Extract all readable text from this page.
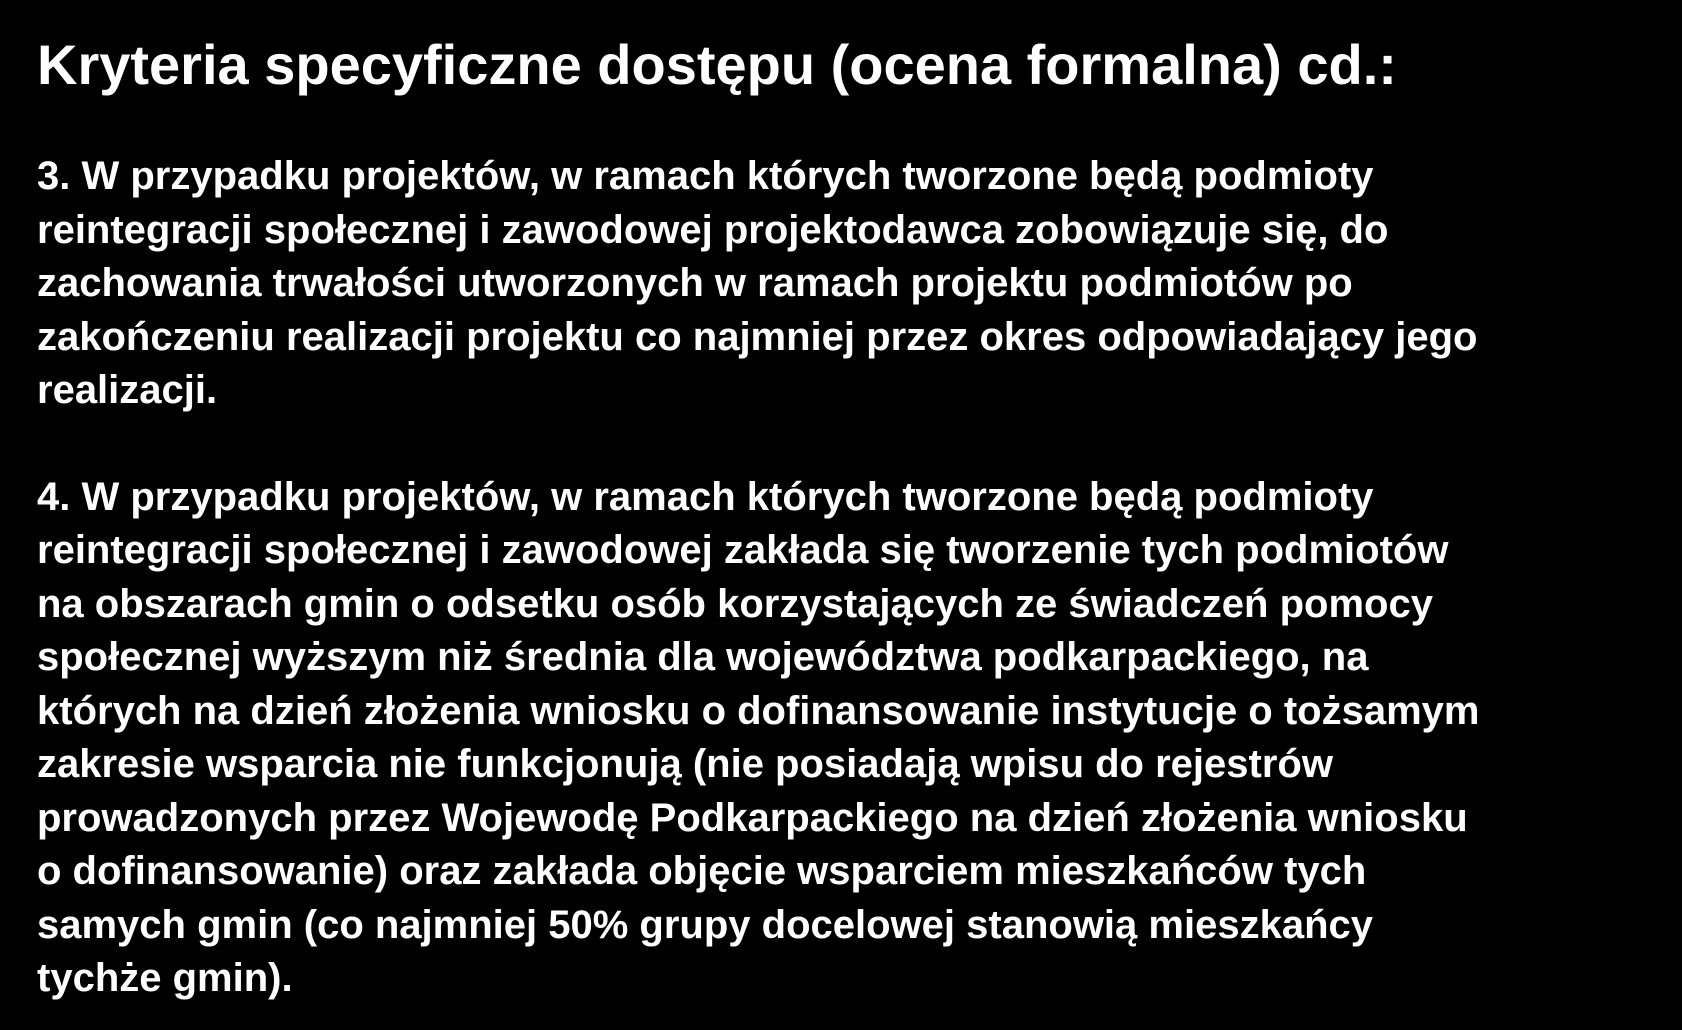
Kryteria specyficzne dostępu (ocena formalna) cd.:

3. W przypadku projektów, w ramach których tworzone będą podmioty
reintegracji społecznej i zawodowej projektodawca zobowiązuje się, do
zachowania trwałości utworzonych w ramach projektu podmiotów po
zakończeniu realizacji projektu co najmniej przez okres odpowiadający jego
realizacji.

4. W przypadku projektów, w ramach których tworzone będą podmioty
reintegracji społecznej i zawodowej zakłada się tworzenie tych podmiotów
na obszarach gmin o odsetku osób korzystających ze świadczeń pomocy
społecznej wyższym niż średnia dla województwa podkarpackiego, na
których na dzień złożenia wniosku o dofinansowanie instytucje o tożsamym
zakresie wsparcia nie funkcjonują (nie posiadają wpisu do rejestrów
prowadzonych przez Wojewodę Podkarpackiego na dzień złożenia wniosku
o dofinansowanie) oraz zakłada objęcie wsparciem mieszkańców tych
samych gmin (co najmniej 50% grupy docelowej stanowią mieszkańcy
tychże gmin).
